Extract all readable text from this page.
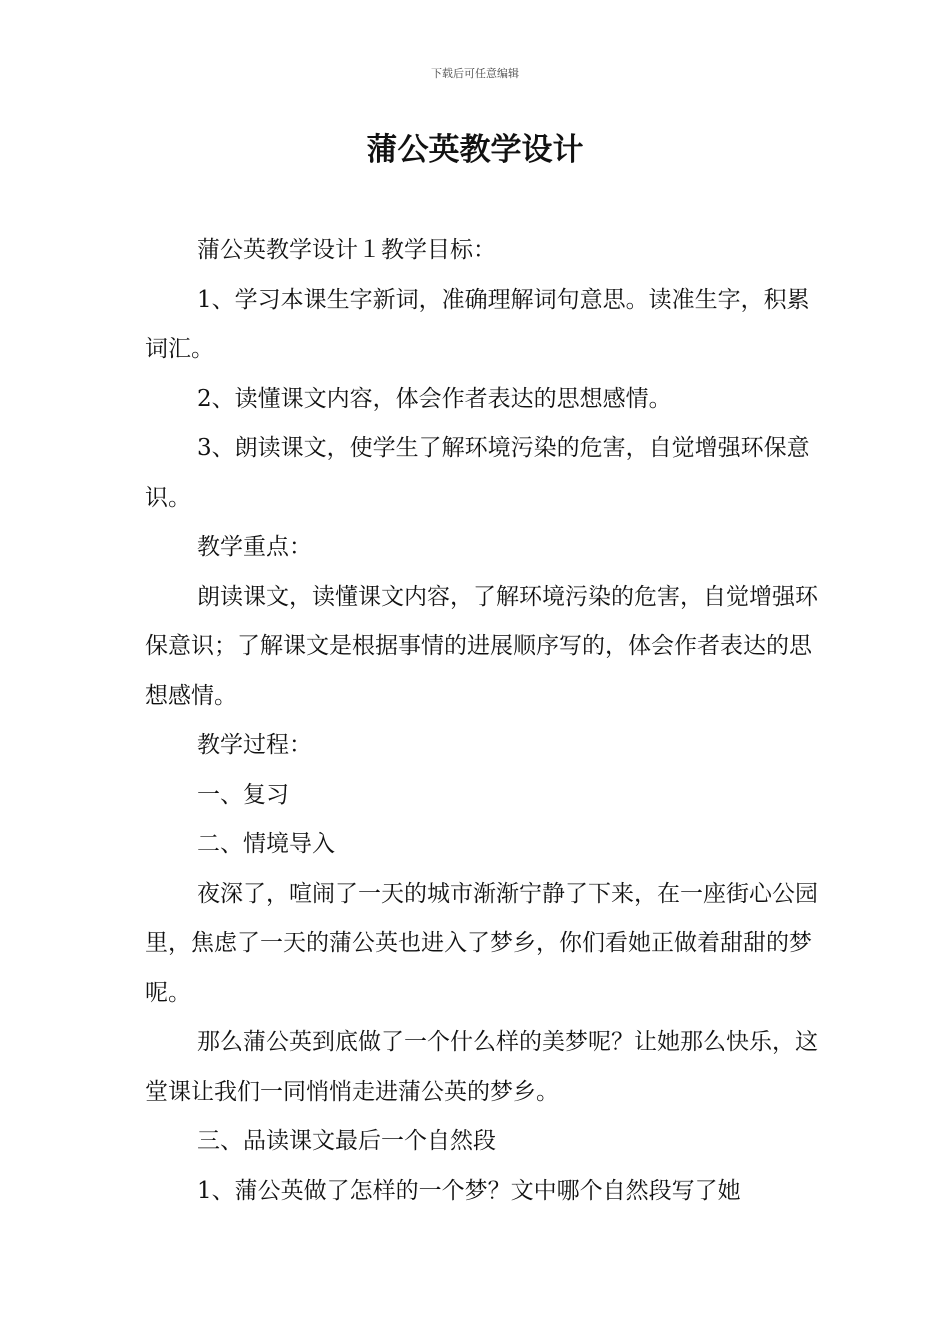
下载后可任意编辑
蒲公英教学设计

蒲公英教学设计１教学目标：

1、学习本课生字新词，准确理解词句意思。读准生字，积累词汇。

2、读懂课文内容，体会作者表达的思想感情。

3、朗读课文，使学生了解环境污染的危害，自觉增强环保意识。

教学重点：

朗读课文，读懂课文内容，了解环境污染的危害，自觉增强环保意识；了解课文是根据事情的进展顺序写的，体会作者表达的思想感情。

教学过程：

一、复习

二、情境导入

夜深了，喧闹了一天的城市渐渐宁静了下来，在一座街心公园里，焦虑了一天的蒲公英也进入了梦乡，你们看她正做着甜甜的梦呢。

那么蒲公英到底做了一个什么样的美梦呢？让她那么快乐，这堂课让我们一同悄悄走进蒲公英的梦乡。

三、品读课文最后一个自然段

1、蒲公英做了怎样的一个梦？文中哪个自然段写了她
